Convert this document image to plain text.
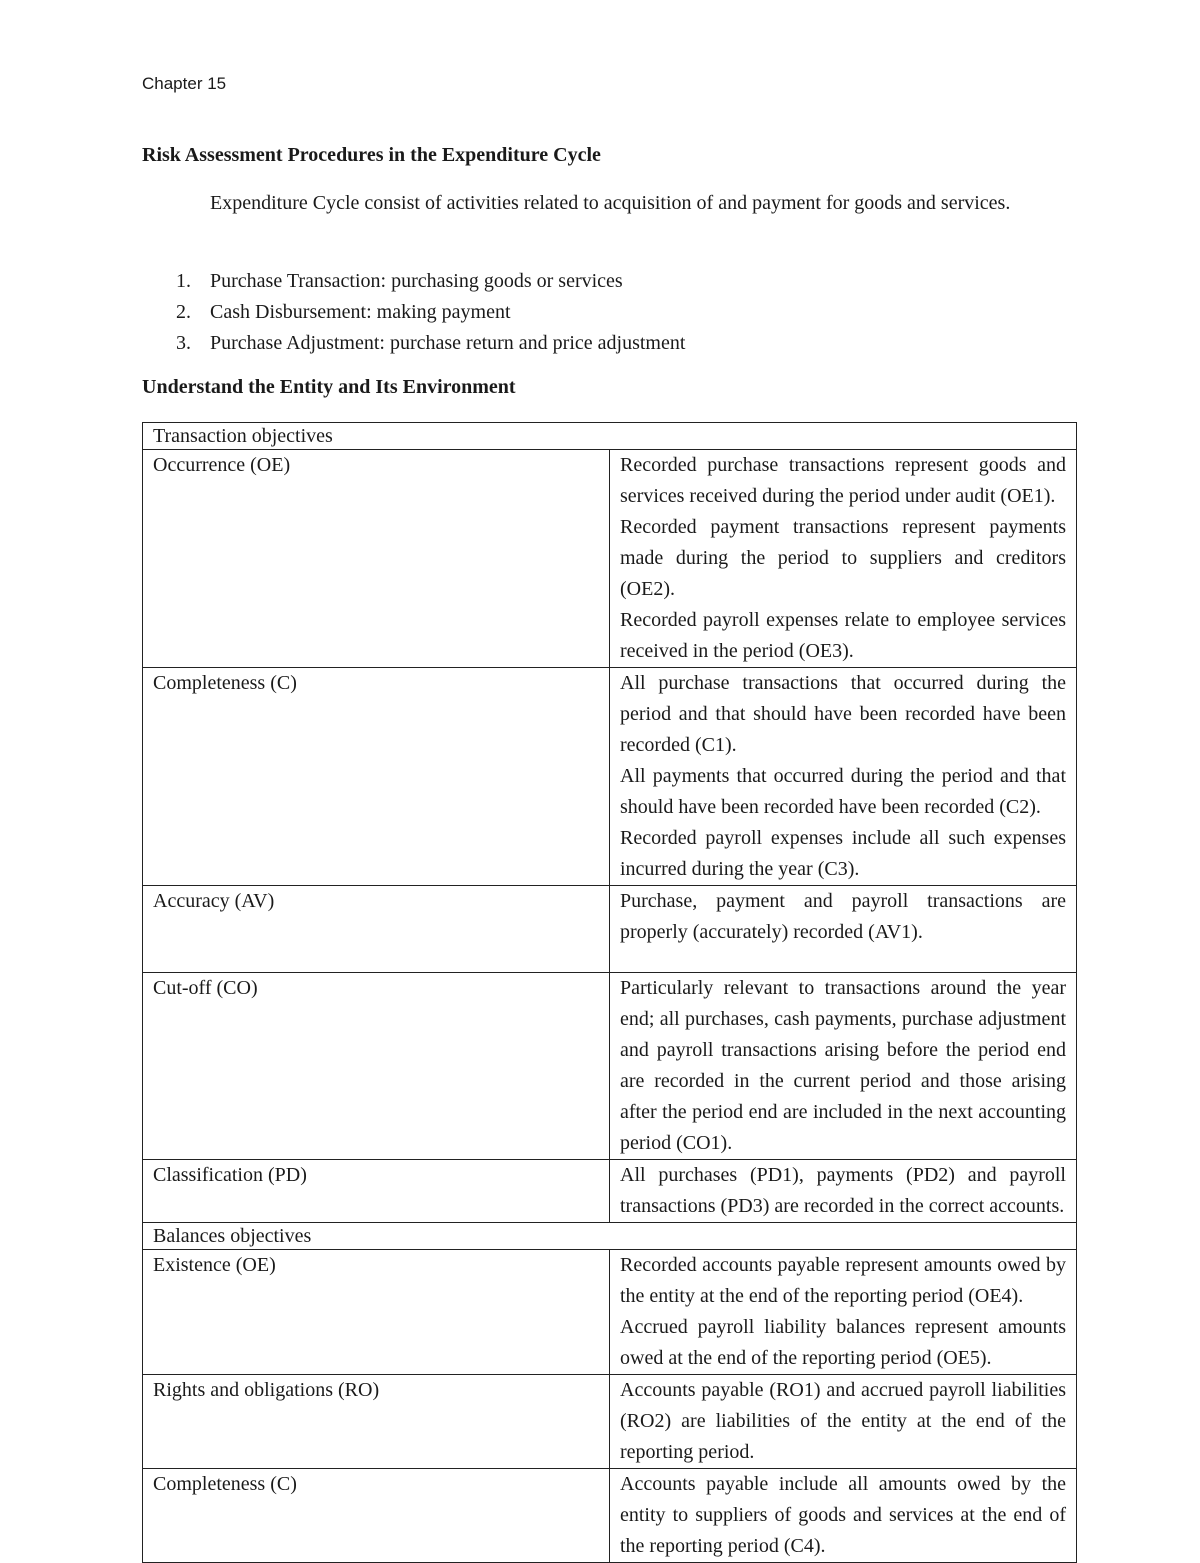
Chapter 15
Risk Assessment Procedures in the Expenditure Cycle

Expenditure Cycle consist of activities related to acquisition of and payment for goods and services.

1. Purchase Transaction: purchasing goods or services
2. Cash Disbursement: making payment
3. Purchase Adjustment: purchase return and price adjustment
Understand the Entity and Its Environment
Transaction objectives	
Occurrence (OE)	Recorded purchase transactions represent goods and services received during the period under audit (OE1).

Recorded payment transactions represent payments made during the period to suppliers and creditors (OE2).

Recorded payroll expenses relate to employee services received in the period (OE3).

Completeness (C)	All purchase transactions that occurred during the period and that should have been recorded have been recorded (C1).

All payments that occurred during the period and that should have been recorded have been recorded (C2).

Recorded payroll expenses include all such expenses incurred during the year (C3).

Accuracy (AV)	Purchase, payment and payroll transactions are properly (accurately) recorded (AV1).

Cut-off (CO)	Particularly relevant to transactions around the year end; all purchases, cash payments, purchase adjustment and payroll transactions arising before the period end are recorded in the current period and those arising after the period end are included in the next accounting period (CO1).

Classification (PD)	All purchases (PD1), payments (PD2) and payroll transactions (PD3) are recorded in the correct accounts.

Balances objectives	
Existence (OE)	Recorded accounts payable represent amounts owed by the entity at the end of the reporting period (OE4).

Accrued payroll liability balances represent amounts owed at the end of the reporting period (OE5).

Rights and obligations (RO)	Accounts payable (RO1) and accrued payroll liabilities (RO2) are liabilities of the entity at the end of the reporting period.

Completeness (C)	Accounts payable include all amounts owed by the entity to suppliers of goods and services at the end of the reporting period (C4).
